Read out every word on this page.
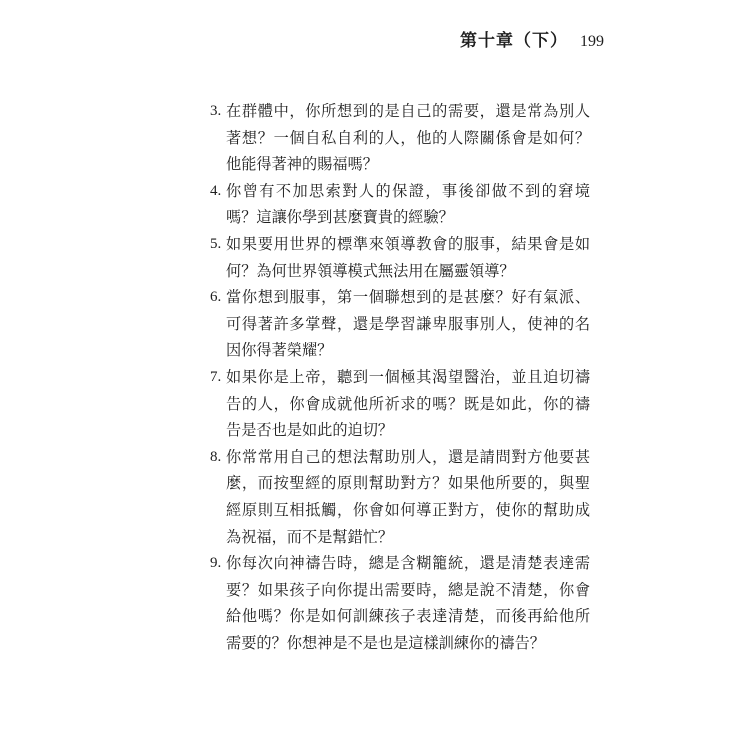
第十章（下） 199
3. 在群體中，你所想到的是自己的需要，還是常為別人著想？一個自私自利的人，他的人際關係會是如何？他能得著神的賜福嗎？
4. 你曾有不加思索對人的保證，事後卻做不到的窘境嗎？這讓你學到甚麼寶貴的經驗？
5. 如果要用世界的標準來領導教會的服事，結果會是如何？為何世界領導模式無法用在屬靈領導？
6. 當你想到服事，第一個聯想到的是甚麼？好有氣派、可得著許多掌聲，還是學習謙卑服事別人，使神的名因你得著榮耀？
7. 如果你是上帝，聽到一個極其渴望醫治，並且迫切禱告的人，你會成就他所祈求的嗎？既是如此，你的禱告是否也是如此的迫切？
8. 你常常用自己的想法幫助別人，還是請問對方他要甚麼，而按聖經的原則幫助對方？如果他所要的，與聖經原則互相抵觸，你會如何導正對方，使你的幫助成為祝福，而不是幫錯忙？
9. 你每次向神禱告時，總是含糊籠統，還是清楚表達需要？如果孩子向你提出需要時，總是說不清楚，你會給他嗎？你是如何訓練孩子表達清楚，而後再給他所需要的？你想神是不是也是這樣訓練你的禱告？
